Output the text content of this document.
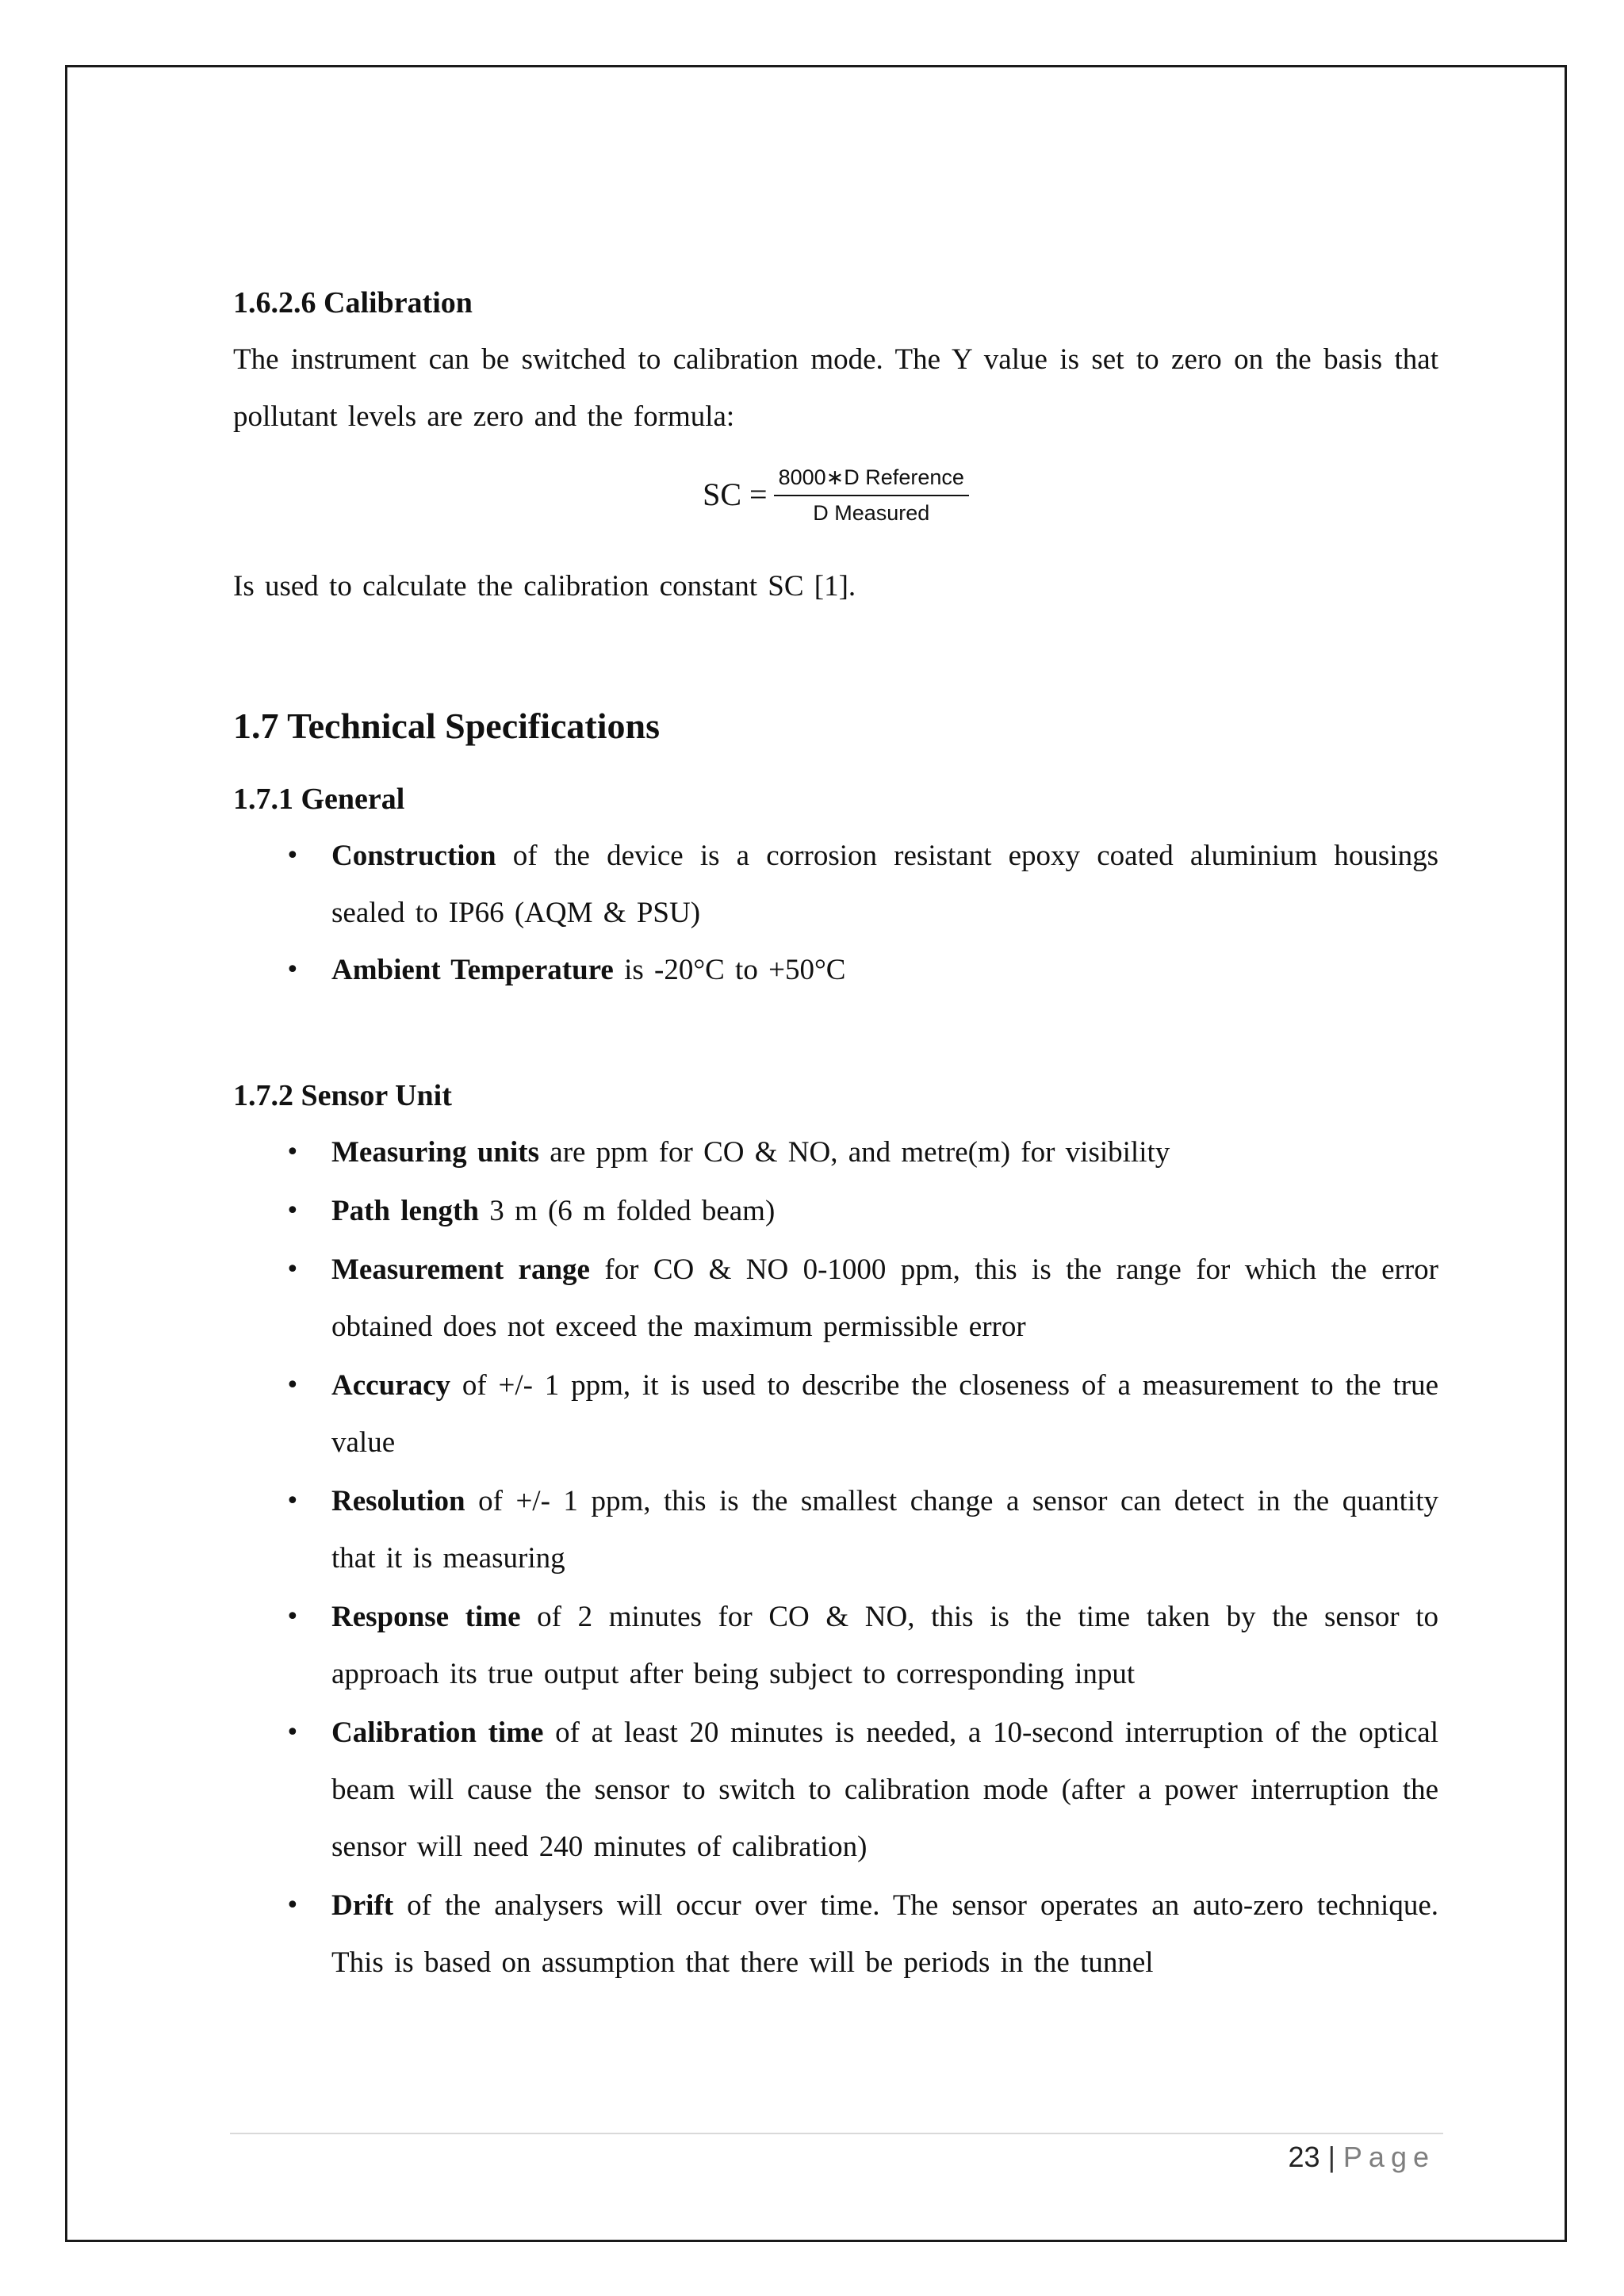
1.6.2.6 Calibration

The instrument can be switched to calibration mode. The Y value is set to zero on the basis that pollutant levels are zero and the formula:

SC = $\frac{\text{8000∗D Reference}}{\text{D Measured}}$

Is used to calculate the calibration constant SC [1].

1.7 Technical Specifications

1.7.1 General

• Construction of the device is a corrosion resistant epoxy coated aluminium housings sealed to IP66 (AQM & PSU)
• Ambient Temperature is -20°C to +50°C

1.7.2 Sensor Unit

• Measuring units are ppm for CO & NO, and metre(m) for visibility
• Path length 3 m (6 m folded beam)
• Measurement range for CO & NO 0-1000 ppm, this is the range for which the error obtained does not exceed the maximum permissible error
• Accuracy of +/- 1 ppm, it is used to describe the closeness of a measurement to the true value
• Resolution of +/- 1 ppm, this is the smallest change a sensor can detect in the quantity that it is measuring
• Response time of 2 minutes for CO & NO, this is the time taken by the sensor to approach its true output after being subject to corresponding input
• Calibration time of at least 20 minutes is needed, a 10-second interruption of the optical beam will cause the sensor to switch to calibration mode (after a power interruption the sensor will need 240 minutes of calibration)
• Drift of the analysers will occur over time. The sensor operates an auto-zero technique. This is based on assumption that there will be periods in the tunnel
23 | Page
